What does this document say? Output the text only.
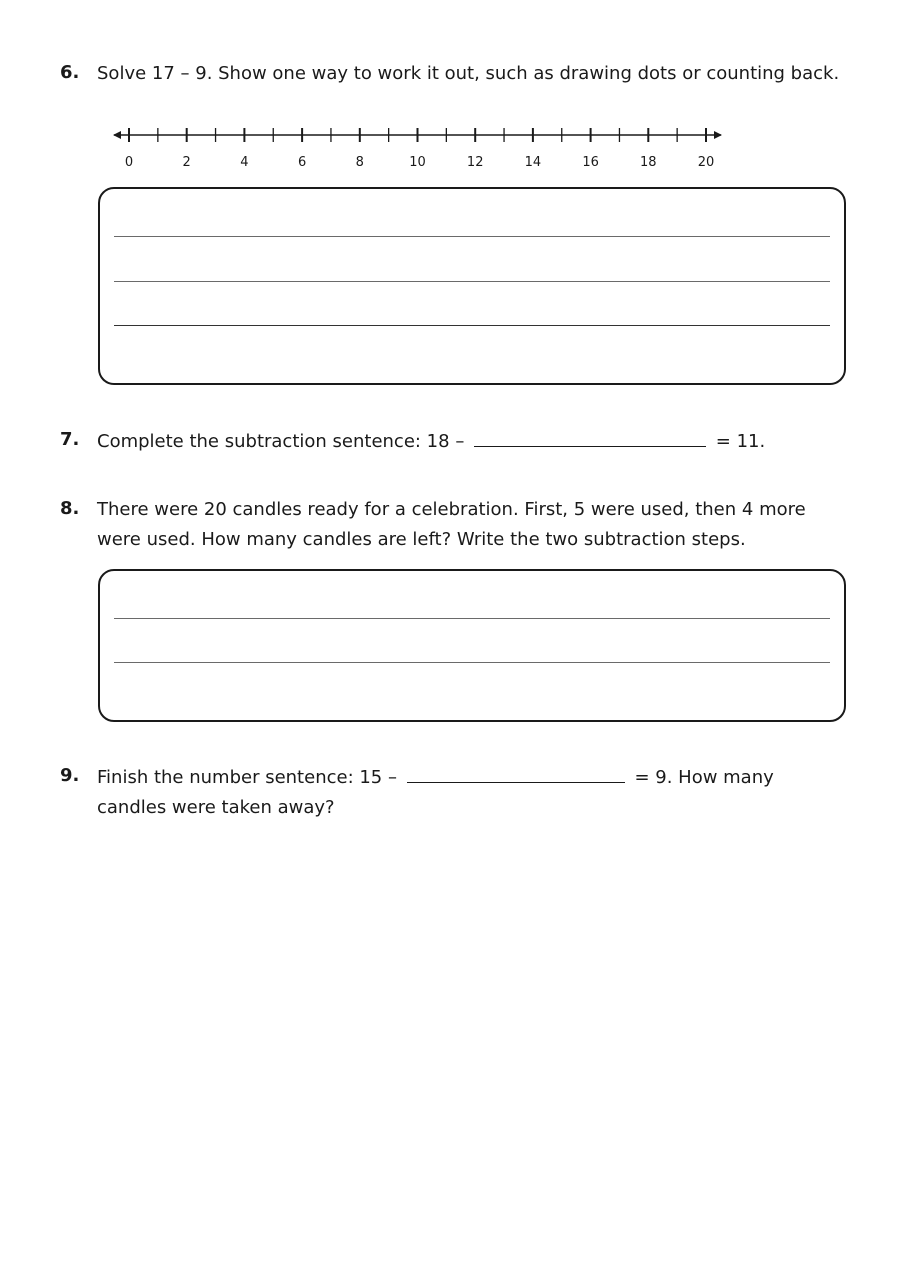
6. Solve 17 – 9. Show one way to work it out, such as drawing dots or counting back.
0	2	4	6	8	10	12	14	16	18	20
7. Complete the subtraction sentence: 18 –	= 11.
8. There were 20 candles ready for a celebration. First, 5 were used, then 4 more
were used. How many candles are left? Write the two subtraction steps.
9. Finish the number sentence: 15 –	= 9. How many
candles were taken away?
